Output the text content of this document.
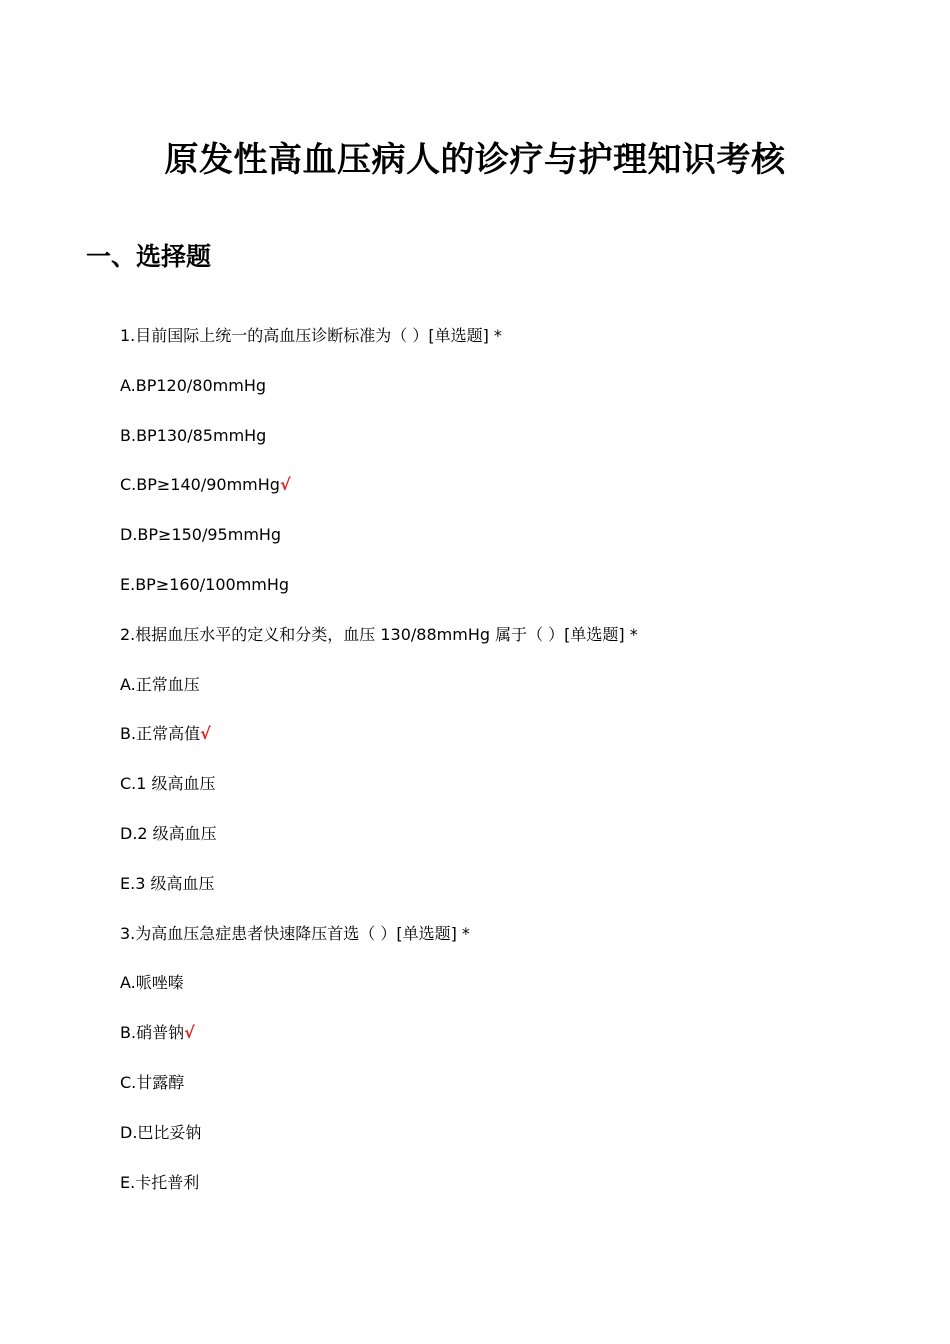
原发性高血压病人的诊疗与护理知识考核
一、选择题
1.目前国际上统一的高血压诊断标准为（ ）[单选题] *
A.BP120/80mmHg
B.BP130/85mmHg
C.BP≥140/90mmHg√
D.BP≥150/95mmHg
E.BP≥160/100mmHg
2.根据血压水平的定义和分类，血压 130/88mmHg 属于（ ）[单选题] *
A.正常血压
B.正常高值√
C.1 级高血压
D.2 级高血压
E.3 级高血压
3.为高血压急症患者快速降压首选（ ）[单选题] *
A.哌唑嗪
B.硝普钠√
C.甘露醇
D.巴比妥钠
E.卡托普利
